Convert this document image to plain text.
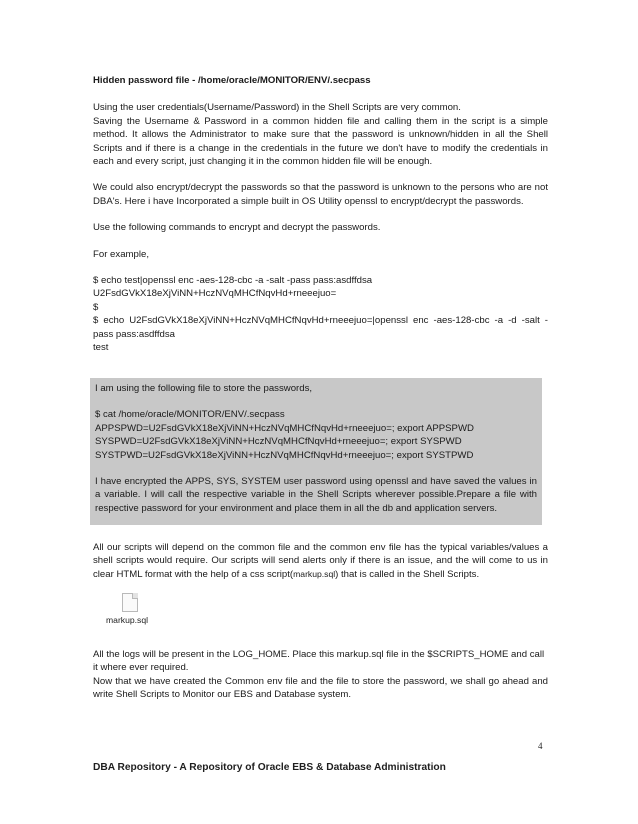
Hidden password file - /home/oracle/MONITOR/ENV/.secpass

Using the user credentials(Username/Password) in the Shell Scripts are very common.
Saving the Username & Password in a common hidden file and calling them in the script is a simple method. It allows the Administrator to make sure that the password is unknown/hidden in all the Shell Scripts and if there is a change in the credentials in the future we don't have to modify the credentials in each and every script, just changing it in the common hidden file will be enough.

We could also encrypt/decrypt the passwords so that the password is unknown to the persons who are not DBA's. Here i have Incorporated a simple built in OS Utility openssl to encrypt/decrypt the passwords.

Use the following commands to encrypt and decrypt the passwords.

For example,

$ echo test|openssl enc -aes-128-cbc -a -salt -pass pass:asdffdsa
U2FsdGVkX18eXjViNN+HczNVqMHCfNqvHd+rneeejuo=
$
$ echo U2FsdGVkX18eXjViNN+HczNVqMHCfNqvHd+rneeejuo=|openssl enc -aes-128-cbc -a -d -salt -pass pass:asdffdsa
test

I am using the following file to store the passwords,

$ cat /home/oracle/MONITOR/ENV/.secpass
APPSPWD=U2FsdGVkX18eXjViNN+HczNVqMHCfNqvHd+rneeejuo=; export APPSPWD
SYSPWD=U2FsdGVkX18eXjViNN+HczNVqMHCfNqvHd+rneeejuo=; export SYSPWD
SYSTPWD=U2FsdGVkX18eXjViNN+HczNVqMHCfNqvHd+rneeejuo=; export SYSTPWD

I have encrypted the APPS, SYS, SYSTEM user password using openssl and have saved the values in a variable. I will call the respective variable in the Shell Scripts wherever possible.Prepare a file with respective password for your environment and place them in all the db and application servers.

All our scripts will depend on the common file and the common env file has the typical variables/values a shell scripts would require. Our scripts will send alerts only if there is an issue, and the will come to us in clear HTML format with the help of a css script(markup.sql) that is called in the Shell Scripts.

markup.sql
All the logs will be present in the LOG_HOME. Place this markup.sql file in the $SCRIPTS_HOME and call it where ever required.
Now that we have created the Common env file and the file to store the password, we shall go ahead and write Shell Scripts to Monitor our EBS and Database system.
4
DBA Repository - A Repository of Oracle EBS & Database Administration
